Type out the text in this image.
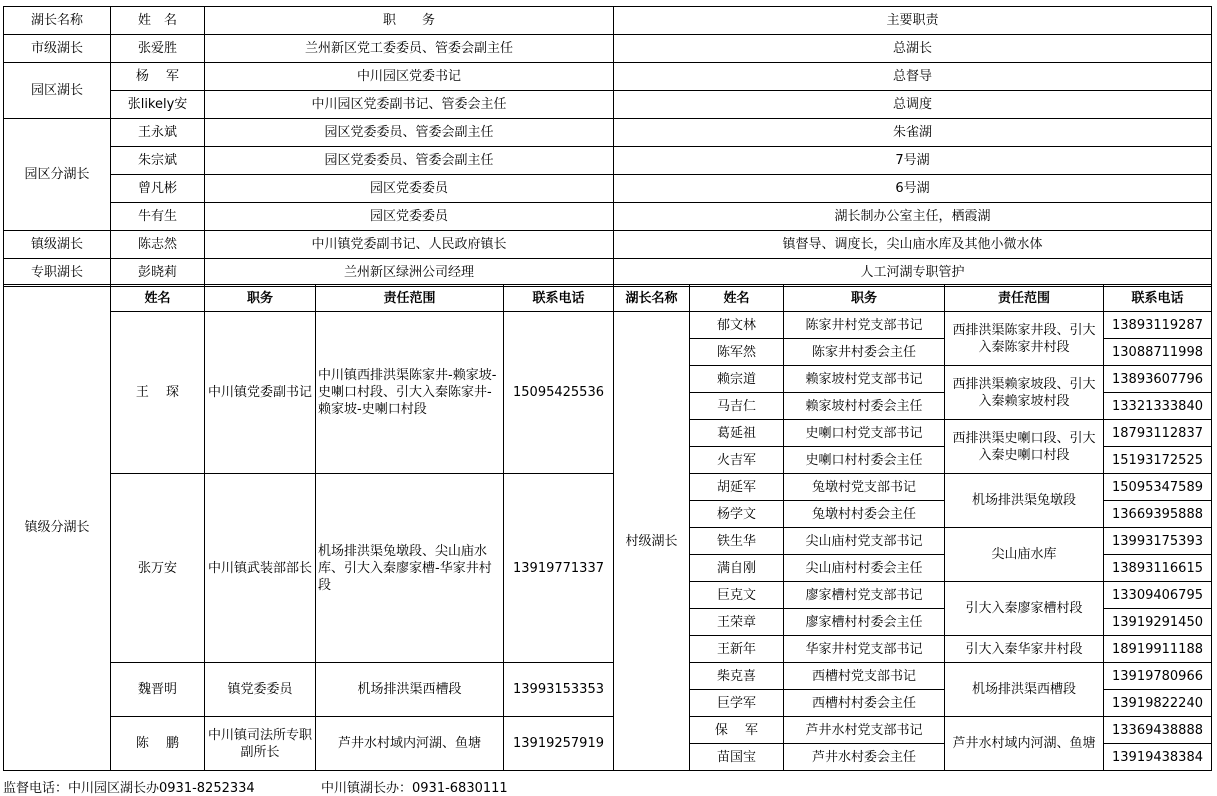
湖长名称	姓　名	职　　务	主要职责
市级湖长	张爱胜	兰州新区党工委委员、管委会副主任	总湖长
园区湖长	杨　 军	中川园区党委书记	总督导
	张likely安	中川园区党委副书记、管委会主任	总调度
园区分湖长	王永斌	园区党委委员、管委会副主任	朱雀湖
	朱宗斌	园区党委委员、管委会副主任	7号湖
	曾凡彬	园区党委委员	6号湖
	牛有生	园区党委委员	湖长制办公室主任，栖霞湖
镇级湖长	陈志然	中川镇党委副书记、人民政府镇长	镇督导、调度长，尖山庙水库及其他小微水体
专职湖长	彭晓莉	兰州新区绿洲公司经理	人工河湖专职管护
镇级分湖长	姓名	职务	责任范围	联系电话	湖长名称	姓名	职务	责任范围	联系电话
	王　 琛	中川镇党委副书记	中川镇西排洪渠陈家井-赖家坡-史喇口村段、引大入秦陈家井-赖家坡-史喇口村段	15095425536	村级湖长	郁文林	陈家井村党支部书记	西排洪渠陈家井段、引大入秦陈家井村段	13893119287
						陈军然	陈家井村委会主任		13088711998
						赖宗道	赖家坡村党支部书记	西排洪渠赖家坡段、引大入秦赖家坡村段	13893607796
						马吉仁	赖家坡村村委会主任		13321333840
						葛延祖	史喇口村党支部书记	西排洪渠史喇口段、引大入秦史喇口村段	18793112837
						火吉军	史喇口村村委会主任		15193172525
	张万安	中川镇武装部部长	机场排洪渠兔墩段、尖山庙水库、引大入秦廖家槽-华家井村段	13919771337		胡延军	兔墩村党支部书记	机场排洪渠兔墩段	15095347589
						杨学文	兔墩村村委会主任		13669395888
						铁生华	尖山庙村党支部书记	尖山庙水库	13993175393
						满自刚	尖山庙村村委会主任		13893116615
						巨克文	廖家槽村党支部书记	引大入秦廖家槽村段	13309406795
						王荣章	廖家槽村村委会主任		13919291450
						王新年	华家井村党支部书记	引大入秦华家井村段	18919911188
	魏晋明	镇党委委员	机场排洪渠西槽段	13993153353		柴克喜	西槽村党支部书记	机场排洪渠西槽段	13919780966
						巨学军	西槽村村委会主任		13919822240
	陈　 鹏	中川镇司法所专职副所长	芦井水村域内河湖、鱼塘	13919257919		保　 军	芦井水村党支部书记	芦井水村域内河湖、鱼塘	13369438888
						苗国宝	芦井水村委会主任		13919438384
监督电话：中川园区湖长办0931-8252334	中川镇湖长办：0931-6830111
